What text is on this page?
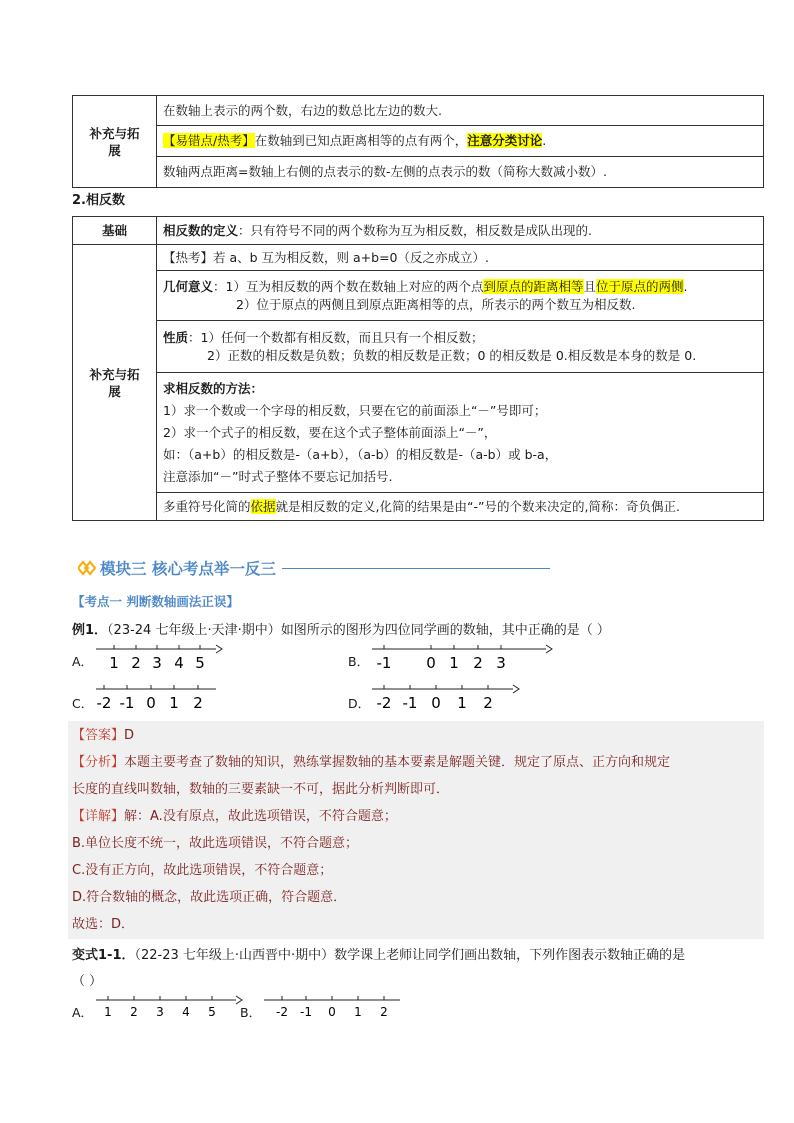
补充与拓展	在数轴上表示的两个数，右边的数总比左边的数大.
【易错点/热考】在数轴到已知点距离相等的点有两个，注意分类讨论.
数轴两点距离=数轴上右侧的点表示的数-左侧的点表示的数（简称大数减小数）.
2.相反数
基础	相反数的定义：只有符号不同的两个数称为互为相反数，相反数是成队出现的.
补充与拓展	【热考】若 a、b 互为相反数，则 a+b=0（反之亦成立）.

	几何意义：1）互为相反数的两个数在数轴上对应的两个点到原点的距离相等且位于原点的两侧.
2）位于原点的两侧且到原点距离相等的点，所表示的两个数互为相反数.

	性质：1）任何一个数都有相反数，而且只有一个相反数；
2）正数的相反数是负数；负数的相反数是正数；0 的相反数是 0.相反数是本身的数是 0.

	求相反数的方法：
1）求一个数或一个字母的相反数，只要在它的前面添上“－”号即可；
2）求一个式子的相反数，要在这个式子整体前面添上“－”，
如：（a+b）的相反数是-（a+b），（a-b）的相反数是-（a-b）或 b-a，
注意添加“－”时式子整体不要忘记加括号.

	多重符号化简的依据就是相反数的定义,化简的结果是由“-”号的个数来决定的,简称：奇负偶正.
模块三 核心考点举一反三
【考点一 判断数轴画法正误】
例1．（23-24 七年级上·天津·期中）如图所示的图形为四位同学画的数轴，其中正确的是（ ）
A． 1 2 3 4 5	B． -1 0 1 2 3
C． -2 -1 0 1 2	D． -2 -1 0 1 2
【答案】D
【分析】本题主要考查了数轴的知识，熟练掌握数轴的基本要素是解题关键．规定了原点、正方向和规定
长度的直线叫数轴，数轴的三要素缺一不可，据此分析判断即可．
【详解】解：A.没有原点，故此选项错误，不符合题意；
B.单位长度不统一，故此选项错误，不符合题意；
C.没有正方向，故此选项错误，不符合题意；
D.符合数轴的概念，故此选项正确，符合题意．
故选：D．
变式1-1．（22-23 七年级上·山西晋中·期中）数学课上老师让同学们画出数轴，下列作图表示数轴正确的是
（ ）
A． 1 2 3 4 5 B． -2 -1 0 1 2
